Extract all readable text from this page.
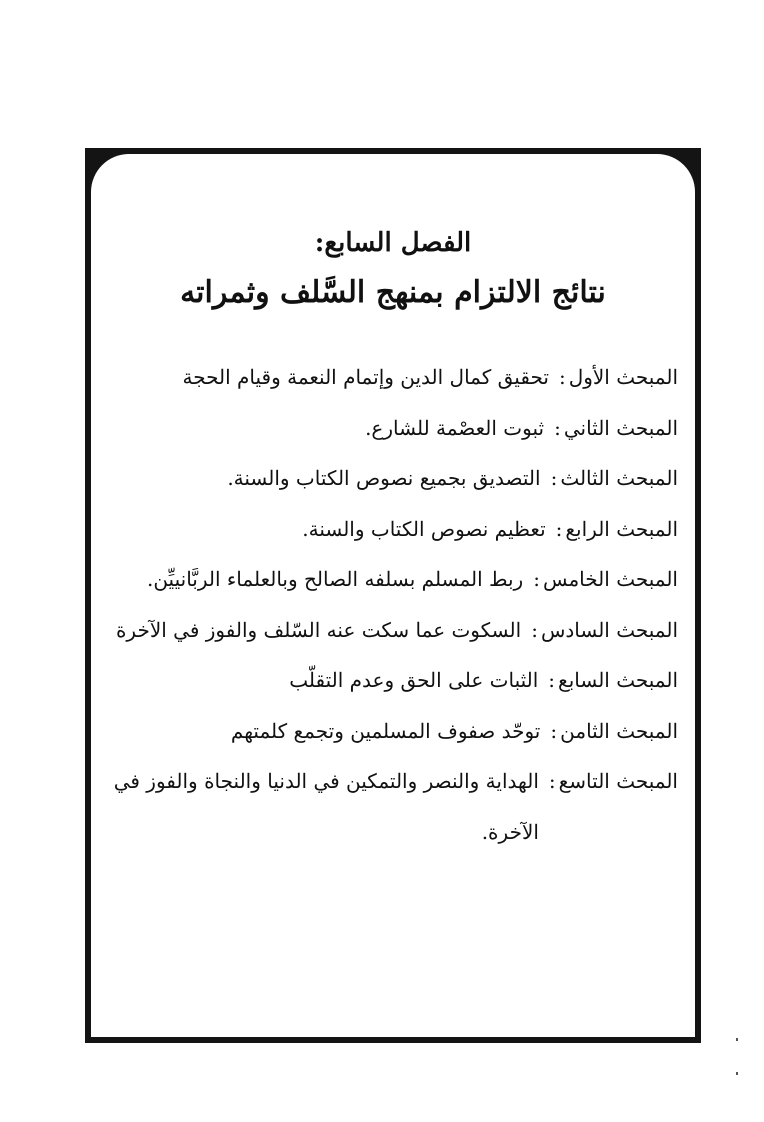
الفصل السابع:
نتائج الالتزام بمنهج السَّلف وثمراته
المبحث الأول
:
تحقيق كمال الدين وإتمام النعمة وقيام الحجة
المبحث الثاني
:
ثبوت العصْمة للشارع.
المبحث الثالث
:
التصديق بجميع نصوص الكتاب والسنة.
المبحث الرابع
:
تعظيم نصوص الكتاب والسنة.
المبحث الخامس
:
ربط المسلم بسلفه الصالح وبالعلماء الربَّانييِّن.
المبحث السادس
:
السكوت عما سكت عنه السّلف والفوز في الآخرة
المبحث السابع
:
الثبات على الحق وعدم التقلّب
المبحث الثامن
:
توحّد صفوف المسلمين وتجمع كلمتهم
المبحث التاسع
:
الهداية والنصر والتمكين في الدنيا والنجاة والفوز في الآخرة.
